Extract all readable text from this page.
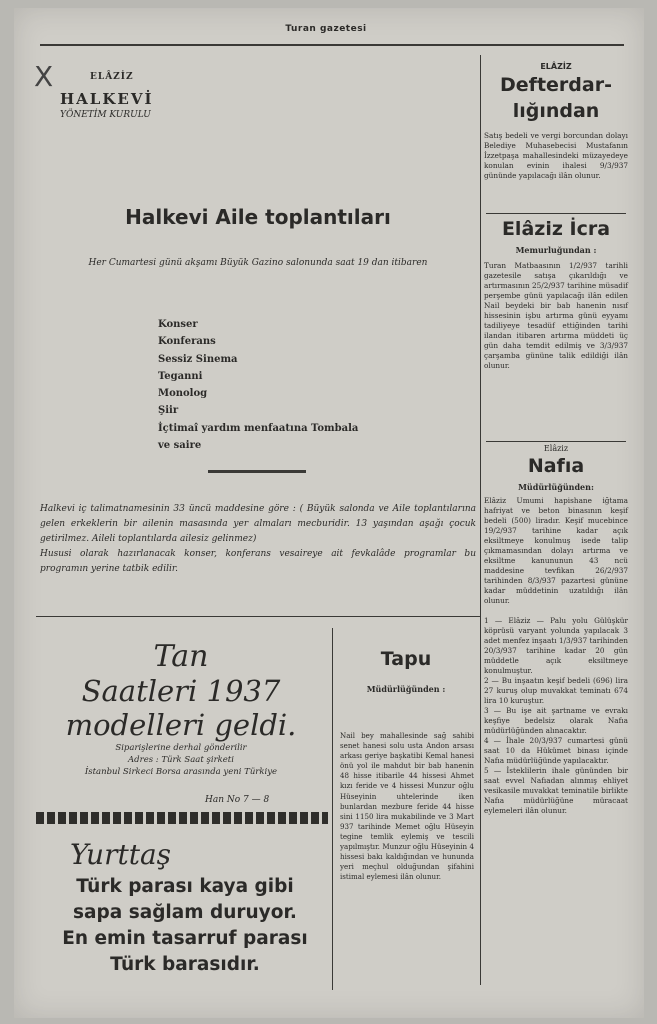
Turan gazetesi
X	ELÂZİZ
HALKEVİ
YÖNETİM KURULU
Halkevi Aile toplantıları
Her Cumartesi günü akşamı Büyük Gazino salonunda saat 19 dan itibaren
Konser
Konferans
Sessiz Sinema
Teganni
Monolog
Şiir
İçtimaî yardım menfaatına Tombala
ve saire

Halkevi iç talimatnamesinin 33 üncü maddesine göre : ( Büyük salonda ve Aile toplantılarına gelen erkeklerin bir ailenin masasında yer almaları mecburidir. 13 yaşından aşağı çocuk getirilmez. Aileli toplantılarda ailesiz gelinmez)

Hususi olarak hazırlanacak konser, konferans vesaireye ait fevkalâde programlar bu programın yerine tatbik edilir.

ELÂZİZ
Defterdar-
lığından
Satış bedeli ve vergi borcundan dolayı Belediye Muhasebecisi Mustafanın İzzetpaşa mahallesindeki müzayedeye konulan evinin ihalesi 9/3/937 gününde yapılacağı ilân olunur.
Elâziz İcra
Memurluğundan :
Turan Matbaasının 1/2/937 tarihli gazetesile satışa çıkarıldığı ve artırmasının 25/2/937 tarihine müsadif perşembe günü yapılacağı ilân edilen Nail beydeki bir bab hanenin nısıf hissesinin işbu artırma günü eyyamı tadiliyeye tesadüf ettiğinden tarihi ilandan itibaren artırma müddeti üç gün daha temdit edilmiş ve 3/3/937 çarşamba gününe talik edildiği ilân olunur.
Elâziz
Nafıa
Müdürlüğünden:
Elâziz Umumi hapishane iğtama hafriyat ve beton binasının keşif bedeli (500) liradır. Keşif mucebince 19/2/937 tarihine kadar açık eksiltmeye konulmuş isede talip çıkmamasından dolayı artırma ve eksiltme kanununun 43 ncü maddesine tevfikan 26/2/937 tarihinden 8/3/937 pazartesi gününe kadar müddetinin uzatıldığı ilân olunur.
1 — Elâziz — Palu yolu Gülüşkür köprüsü varyant yolunda yapılacak 3 adet menfez inşaatı 1/3/937 tarihinden 20/3/937 tarihine kadar 20 gün müddetle açık eksiltmeye konulmuştur.
2 — Bu inşaatın keşif bedeli (696) lira 27 kuruş olup muvakkat teminatı 674 lira 10 kuruştur.
3 — Bu işe ait şartname ve evrakı keşfiye bedelsiz olarak Nafıa müdürlüğünden alınacaktır.
4 — İhale 20/3/937 cumartesi günü saat 10 da Hükümet binası içinde Nafıa müdürlüğünde yapılacaktır.
5 — İsteklilerin ihale gününden bir saat evvel Nafıadan alınmış ehliyet vesikasile muvakkat teminatile birlikte Nafıa müdürlüğüne müracaat eylemeleri ilân olunur.
Tan
Saatleri 1937
modelleri geldi.
Siparişlerine derhal gönderilir
Adres : Türk Saat şirketi
İstanbul Sirkeci Borsa arasında yeni Türkiye
Han No 7 — 8
Yurttaş
Türk parası kaya gibi
sapa sağlam duruyor.
En emin tasarruf parası
Türk barasıdır.
Tapu
Müdürlüğünden :
Nail bey mahallesinde sağ sahibi senet hanesi solu usta Andon arsası arkası geriye başkatibi Kemal hanesi önü yol ile mahdut bir bab hanenin 48 hisse itibarile 44 hissesi Ahmet kızı feride ve 4 hissesi Munzur oğlu Hüseyinin uhtelerinde iken bunlardan mezbure feride 44 hisse sini 1150 lira mukabilinde ve 3 Mart 937 tarihinde Memet oğlu Hüseyin tegine temlik eylemiş ve tescili yapılmıştır. Munzur oğlu Hüseyinin 4 hissesi bakı kaldığından ve hununda yeri meçhul olduğundan şifahini istimal eylemesi ilân olunur.
